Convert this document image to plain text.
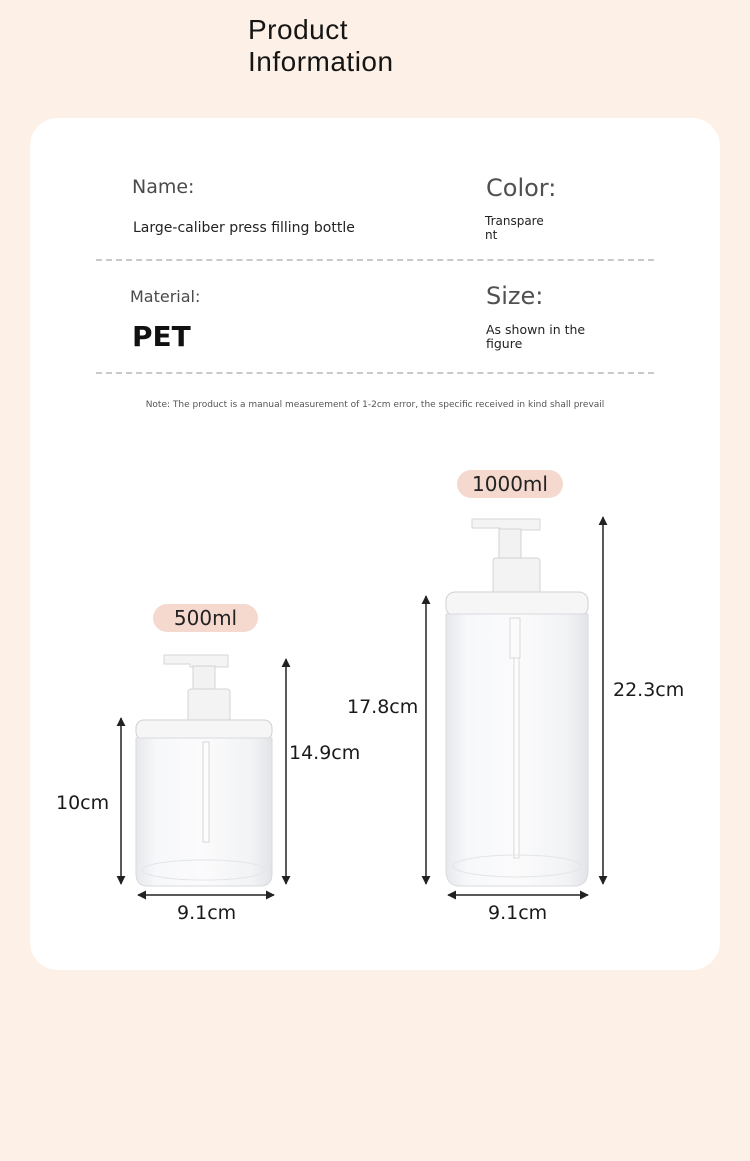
Product
Information
Name:
Large-caliber press filling bottle
Color:
Transparent
Material:
PET
Size:
As shown in the figure
Note: The product is a manual measurement of 1-2cm error, the specific received in kind shall prevail
500ml
1000ml
10cm
14.9cm
9.1cm
17.8cm
22.3cm
9.1cm
